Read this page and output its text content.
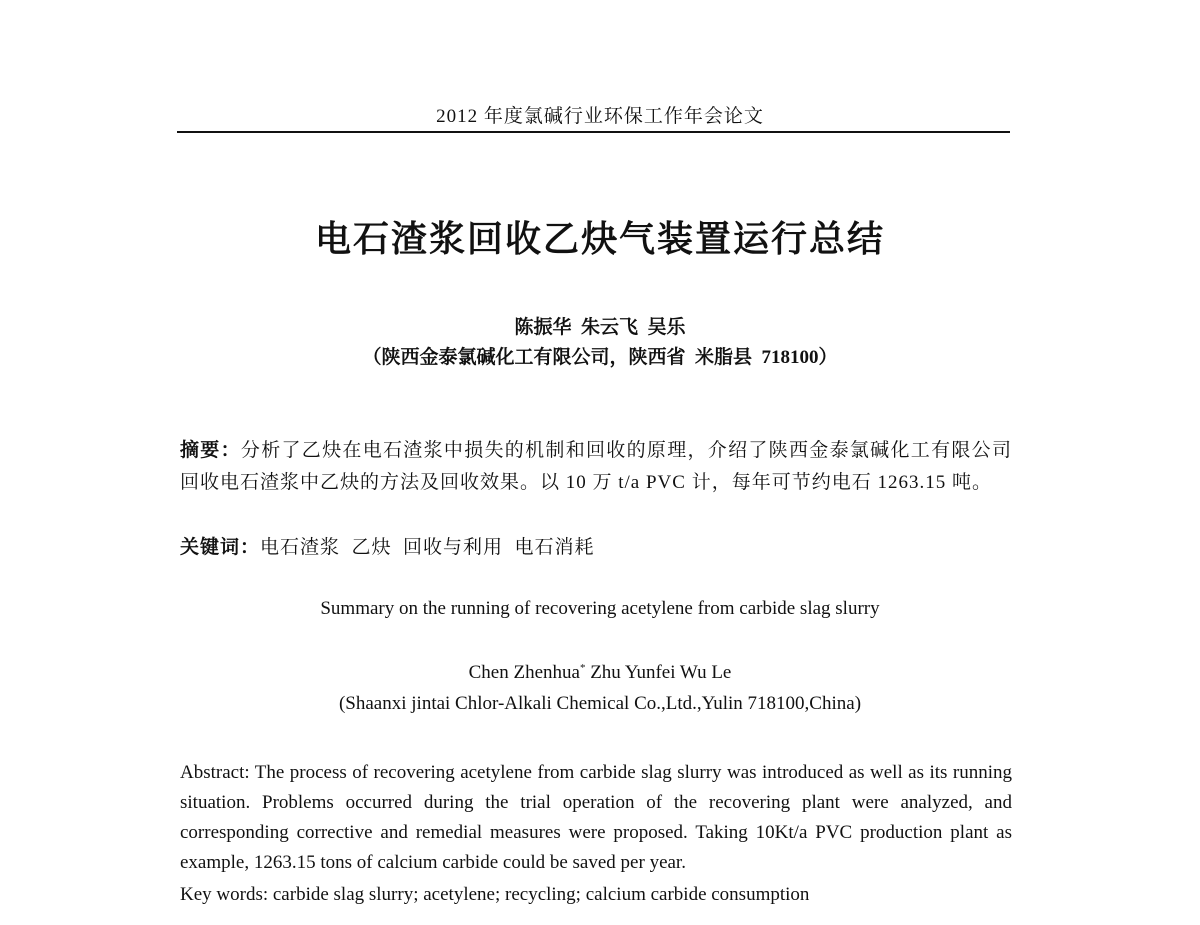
2012 年度氯碱行业环保工作年会论文
电石渣浆回收乙炔气装置运行总结
陈振华  朱云飞  吴乐
（陕西金泰氯碱化工有限公司，陕西省  米脂县  718100）
摘要：分析了乙炔在电石渣浆中损失的机制和回收的原理，介绍了陕西金泰氯碱化工有限公司回收电石渣浆中乙炔的方法及回收效果。以 10 万 t/a PVC 计，每年可节约电石 1263.15 吨。
关键词：电石渣浆  乙炔  回收与利用  电石消耗
Summary on the running of recovering acetylene from carbide slag slurry
Chen Zhenhua* Zhu Yunfei Wu Le
(Shaanxi jintai Chlor-Alkali Chemical Co.,Ltd.,Yulin 718100,China)
Abstract: The process of recovering acetylene from carbide slag slurry was introduced as well as its running situation. Problems occurred during the trial operation of the recovering plant were analyzed, and corresponding corrective and remedial measures were proposed. Taking 10Kt/a PVC production plant as example, 1263.15 tons of calcium carbide could be saved per year.
Key words: carbide slag slurry; acetylene; recycling; calcium carbide consumption
